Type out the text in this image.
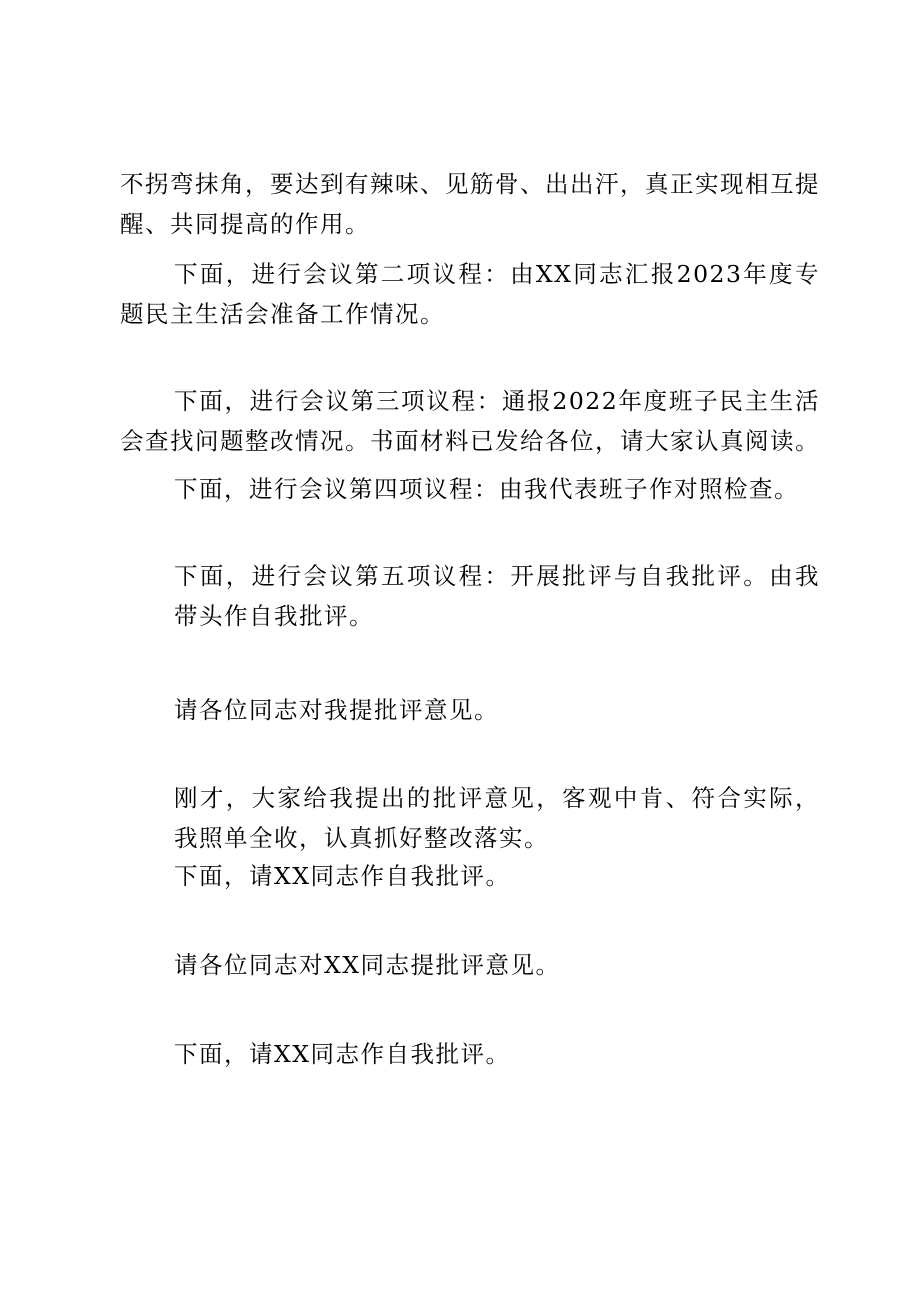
不拐弯抹角，要达到有辣味、见筋骨、出出汗，真正实现相互提醒、共同提高的作用。

下面，进行会议第二项议程：由XX同志汇报2023年度专题民主生活会准备工作情况。

下面，进行会议第三项议程：通报2022年度班子民主生活会查找问题整改情况。书面材料已发给各位，请大家认真阅读。

下面，进行会议第四项议程：由我代表班子作对照检查。

下面，进行会议第五项议程：开展批评与自我批评。由我带头作自我批评。

请各位同志对我提批评意见。

刚才，大家给我提出的批评意见，客观中肯、符合实际，我照单全收，认真抓好整改落实。

下面，请XX同志作自我批评。

请各位同志对XX同志提批评意见。

下面，请XX同志作自我批评。
